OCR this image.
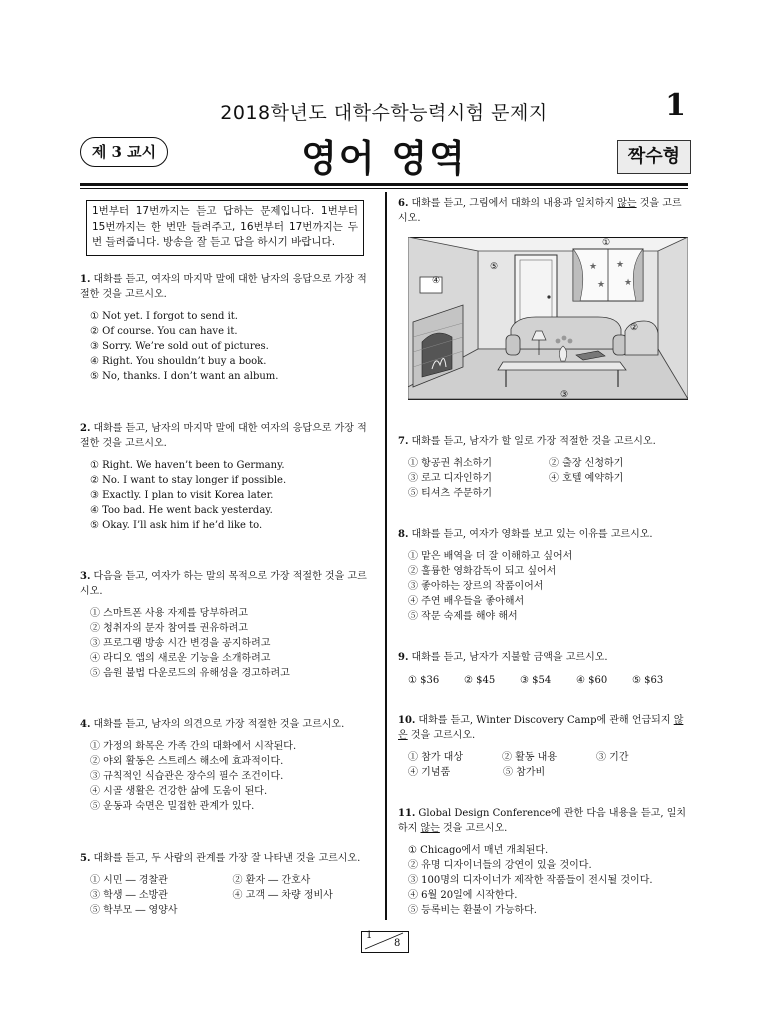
2018학년도 대학수학능력시험 문제지	1
제 3 교시	영어 영역	짝수형
1번부터 17번까지는 듣고 답하는 문제입니다. 1번부터 15번까지는 한 번만 들려주고, 16번부터 17번까지는 두 번 들려줍니다. 방송을 잘 듣고 답을 하시기 바랍니다.

1. 대화를 듣고, 여자의 마지막 말에 대한 남자의 응답으로 가장 적절한 것을 고르시오.

① Not yet. I forgot to send it.

② Of course. You can have it.

③ Sorry. We’re sold out of pictures.

④ Right. You shouldn’t buy a book.

⑤ No, thanks. I don’t want an album.

2. 대화를 듣고, 남자의 마지막 말에 대한 여자의 응답으로 가장 적절한 것을 고르시오.

① Right. We haven’t been to Germany.

② No. I want to stay longer if possible.

③ Exactly. I plan to visit Korea later.

④ Too bad. He went back yesterday.

⑤ Okay. I’ll ask him if he’d like to.

3. 다음을 듣고, 여자가 하는 말의 목적으로 가장 적절한 것을 고르시오.

① 스마트폰 사용 자제를 당부하려고

② 청취자의 문자 참여를 권유하려고

③ 프로그램 방송 시간 변경을 공지하려고

④ 라디오 앱의 새로운 기능을 소개하려고

⑤ 음원 불법 다운로드의 유해성을 경고하려고

4. 대화를 듣고, 남자의 의견으로 가장 적절한 것을 고르시오.

① 가정의 화목은 가족 간의 대화에서 시작된다.

② 야외 활동은 스트레스 해소에 효과적이다.

③ 규칙적인 식습관은 장수의 필수 조건이다.

④ 시골 생활은 건강한 삶에 도움이 된다.

⑤ 운동과 숙면은 밀접한 관계가 있다.

5. 대화를 듣고, 두 사람의 관계를 가장 잘 나타낸 것을 고르시오.

① 시민 ― 경찰관	② 환자 ― 간호사
③ 학생 ― 소방관	④ 고객 ― 차량 정비사
⑤ 학부모 ― 영양사

6. 대화를 듣고, 그림에서 대화의 내용과 일치하지 않는 것을 고르시오.

★ ★
★ ★
①
②
③
④
⑤

7. 대화를 듣고, 남자가 할 일로 가장 적절한 것을 고르시오.

① 항공권 취소하기	② 출장 신청하기
③ 로고 디자인하기	④ 호텔 예약하기
⑤ 티셔츠 주문하기

8. 대화를 듣고, 여자가 영화를 보고 있는 이유를 고르시오.

① 맡은 배역을 더 잘 이해하고 싶어서

② 훌륭한 영화감독이 되고 싶어서

③ 좋아하는 장르의 작품이어서

④ 주연 배우들을 좋아해서

⑤ 작문 숙제를 해야 해서

9. 대화를 듣고, 남자가 지불할 금액을 고르시오.

① $36	② $45	③ $54	④ $60	⑤ $63

10. 대화를 듣고, Winter Discovery Camp에 관해 언급되지 않은 것을 고르시오.

① 참가 대상	② 활동 내용	③ 기간
④ 기념품	⑤ 참가비

11. Global Design Conference에 관한 다음 내용을 듣고, 일치하지 않는 것을 고르시오.

① Chicago에서 매년 개최된다.

② 유명 디자이너들의 강연이 있을 것이다.

③ 100명의 디자이너가 제작한 작품들이 전시될 것이다.

④ 6월 20일에 시작한다.

⑤ 등록비는 환불이 가능하다.

1
8
